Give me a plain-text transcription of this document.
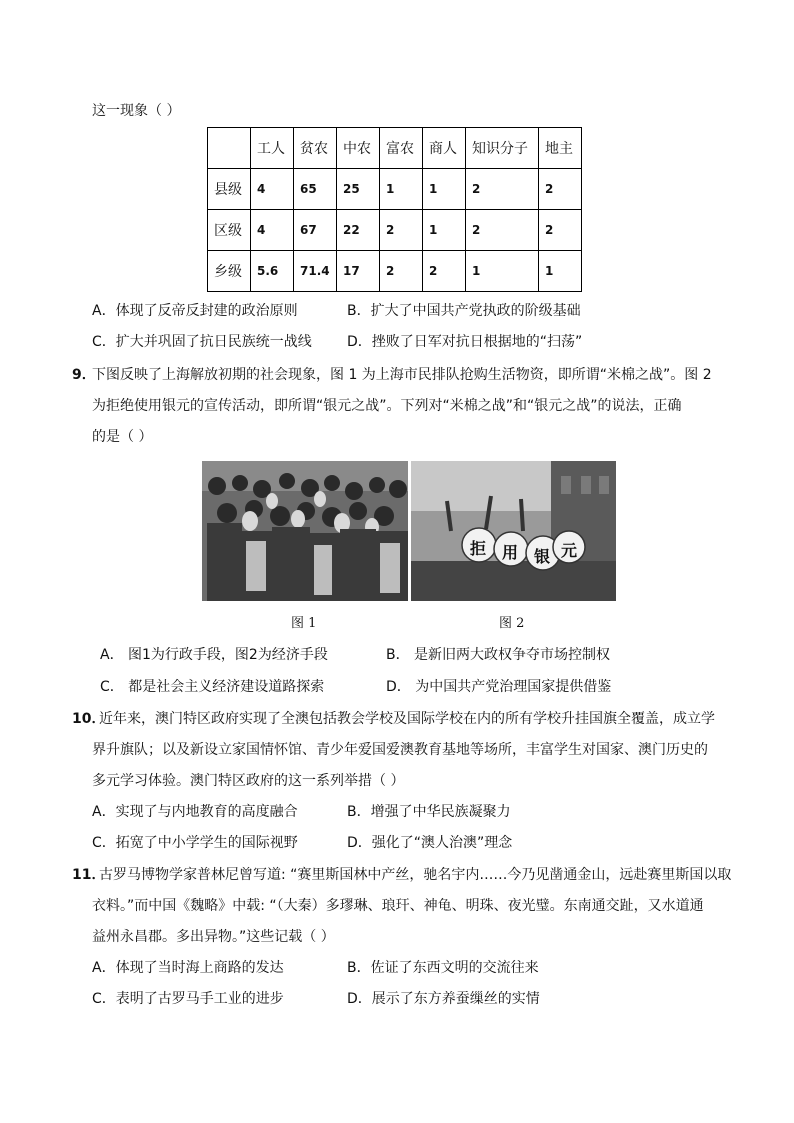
这一现象（ ）
	工人	贫农	中农	富农	商人	知识分子	地主
县级	4	65	25	1	1	2	2
区级	4	67	22	2	1	2	2
乡级	5.6	71.4	17	2	2	1	1
A．体现了反帝反封建的政治原则	B．扩大了中国共产党执政的阶级基础
C．扩大并巩固了抗日民族统一战线	D．挫败了日军对抗日根据地的“扫荡”
9．
下图反映了上海解放初期的社会现象，图 1 为上海市民排队抢购生活物资，即所谓“米棉之战”。图 2
为拒绝使用银元的宣传活动，即所谓“银元之战”。下列对“米棉之战”和“银元之战”的说法，正确
的是（ ）
拒 用 银 元
图 1	图 2
A． 图1为行政手段，图2为经济手段	B． 是新旧两大政权争夺市场控制权
C． 都是社会主义经济建设道路探索	D． 为中国共产党治理国家提供借鉴
10．
近年来，澳门特区政府实现了全澳包括教会学校及国际学校在内的所有学校升挂国旗全覆盖，成立学
界升旗队；以及新设立家国情怀馆、青少年爱国爱澳教育基地等场所，丰富学生对国家、澳门历史的
多元学习体验。澳门特区政府的这一系列举措（ ）
A．实现了与内地教育的高度融合	B．增强了中华民族凝聚力
C．拓宽了中小学学生的国际视野	D．强化了“澳人治澳”理念
11．
古罗马博物学家普林尼曾写道: “赛里斯国林中产丝，驰名宇内……今乃见凿通金山，远赴赛里斯国以取
衣料。”而中国《魏略》中载: “（大秦）多璆琳、琅玕、神龟、明珠、夜光璧。东南通交趾，又水道通
益州永昌郡。多出异物。”这些记载（ ）
A．体现了当时海上商路的发达	B．佐证了东西文明的交流往来
C．表明了古罗马手工业的进步	D．展示了东方养蚕缫丝的实情
